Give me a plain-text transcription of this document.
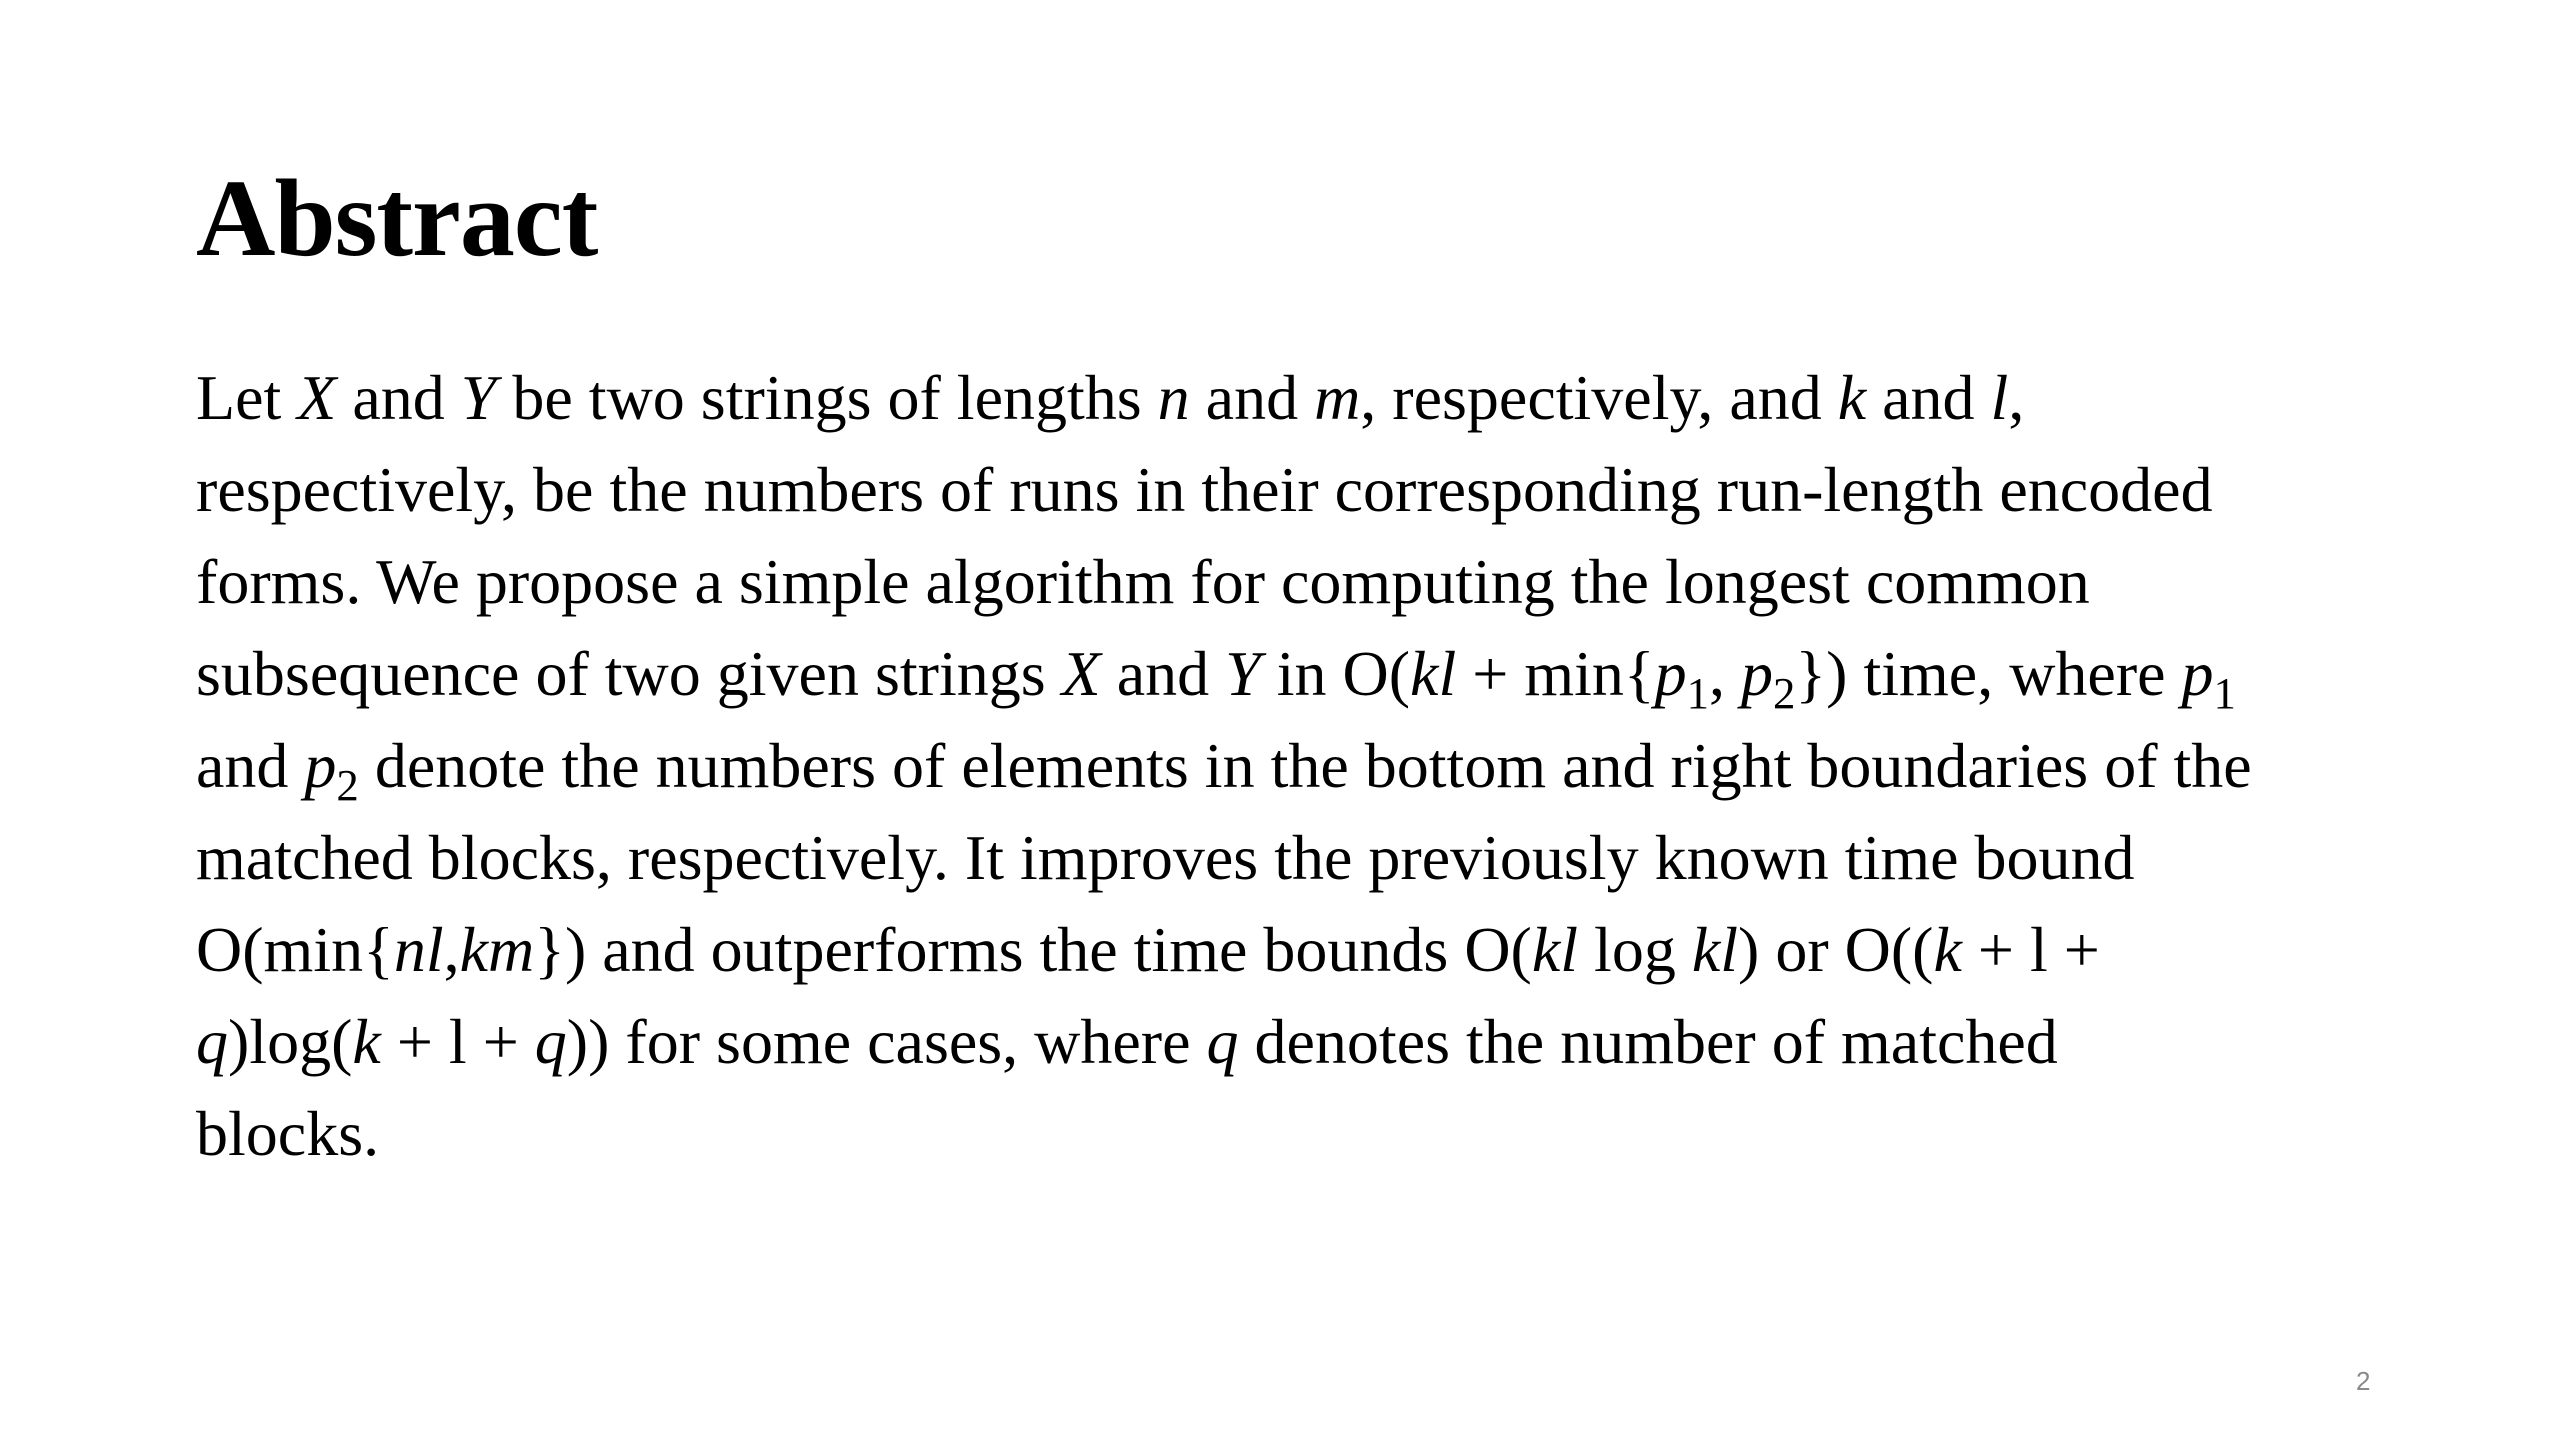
Abstract
Let X and Y be two strings of lengths n and m, respectively, and k and l,
respectively, be the numbers of runs in their corresponding run-length encoded
forms. We propose a simple algorithm for computing the longest common
subsequence of two given strings X and Y in $O(kl + \min\{p_1$, $p_2$}) time, where $p_1$
and $p_2$ denote the numbers of elements in the bottom and right boundaries of the
matched blocks, respectively. It improves the previously known time bound
O(min{nl,km}) and outperforms the time bounds O(kl log kl) or O((k + l +
q)log(k + l + q)) for some cases, where q denotes the number of matched
blocks.
2
